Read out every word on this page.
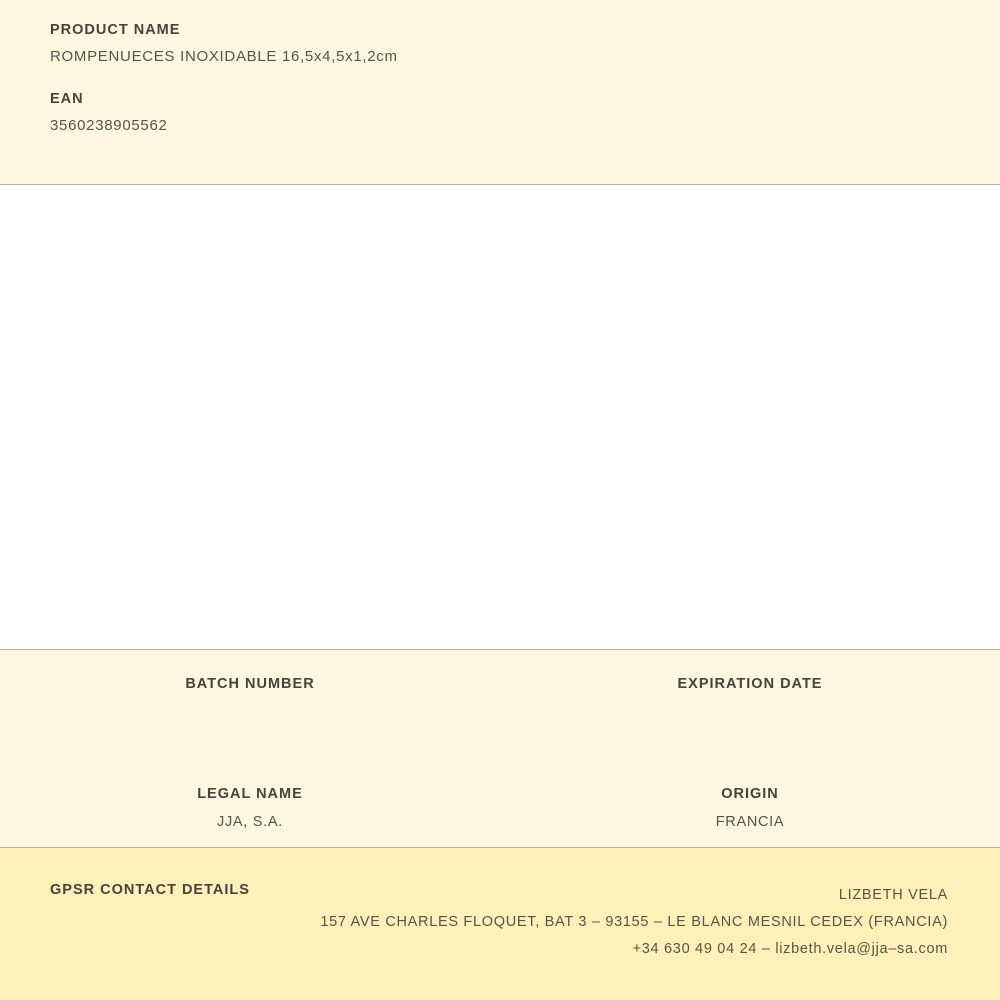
PRODUCT NAME

ROMPENUECES INOXIDABLE 16,5x4,5x1,2cm

EAN

3560238905562

BATCH NUMBER	EXPIRATION DATE

LEGAL NAME

JJA, S.A.

ORIGIN

FRANCIA

GPSR CONTACT DETAILS	LIZBETH VELA
157 AVE CHARLES FLOQUET, BAT 3 – 93155 – LE BLANC MESNIL CEDEX (FRANCIA)
+34 630 49 04 24 – lizbeth.vela@jja–sa.com
